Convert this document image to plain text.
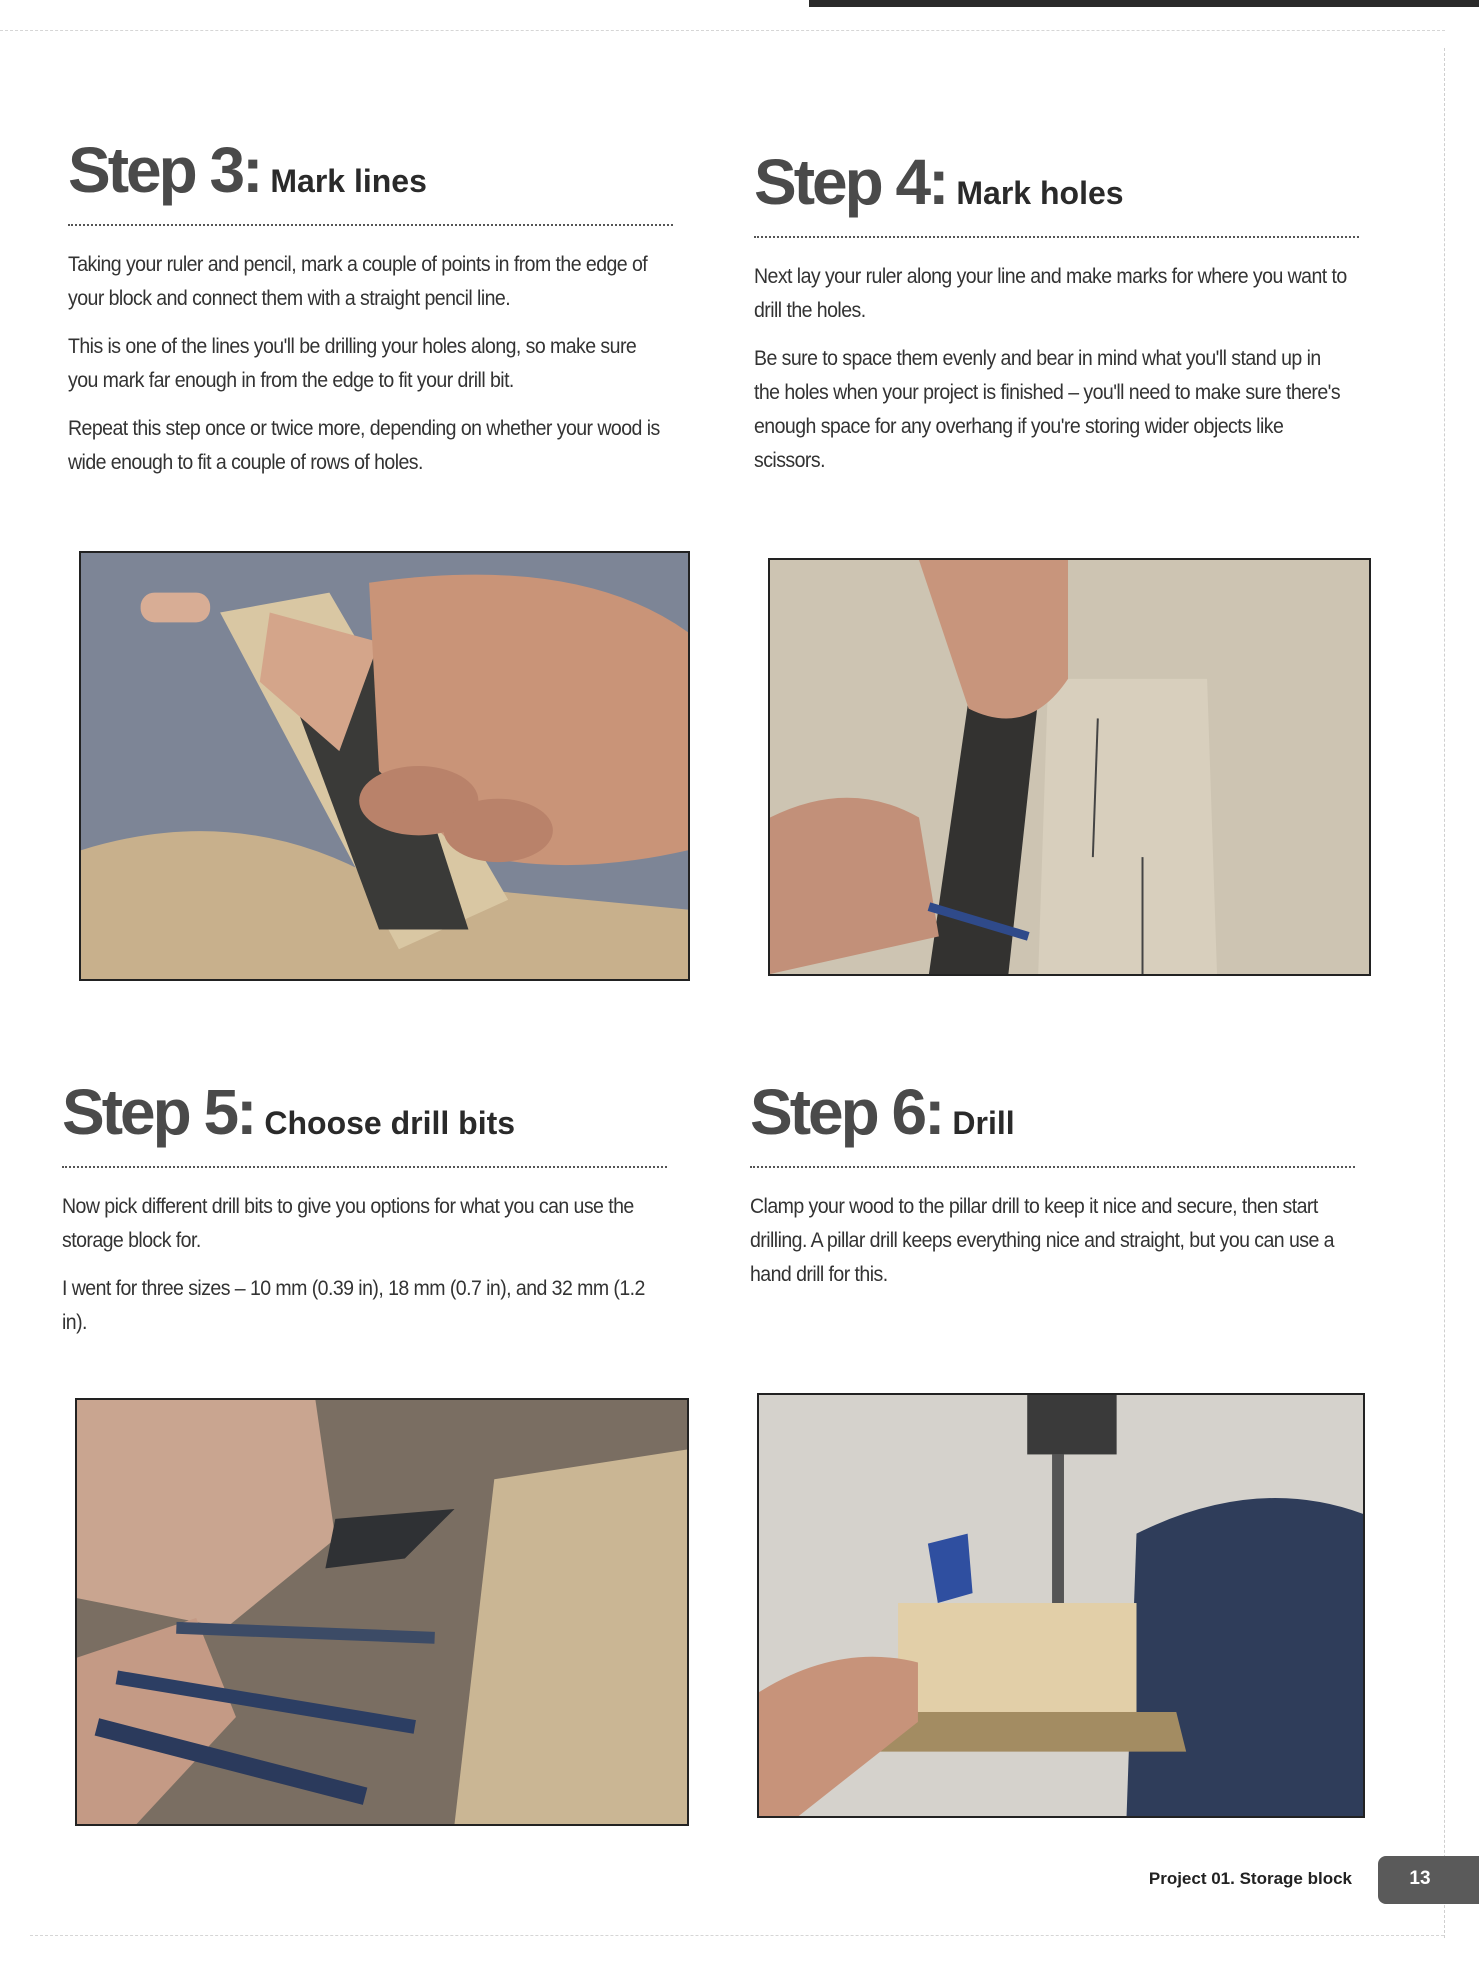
Step 3: Mark lines

Taking your ruler and pencil, mark a couple of points in from the edge of your block and connect them with a straight pencil line.

This is one of the lines you'll be drilling your holes along, so make sure you mark far enough in from the edge to fit your drill bit.

Repeat this step once or twice more, depending on whether your wood is wide enough to fit a couple of rows of holes.

Step 4: Mark holes

Next lay your ruler along your line and make marks for where you want to drill the holes.

Be sure to space them evenly and bear in mind what you'll stand up in the holes when your project is finished – you'll need to make sure there's enough space for any overhang if you're storing wider objects like scissors.

Step 5: Choose drill bits

Now pick different drill bits to give you options for what you can use the storage block for.

I went for three sizes – 10 mm (0.39 in), 18 mm (0.7 in), and 32 mm (1.2 in).

Step 6: Drill

Clamp your wood to the pillar drill to keep it nice and secure, then start drilling. A pillar drill keeps everything nice and straight, but you can use a hand drill for this.

Project 01. Storage block	13
